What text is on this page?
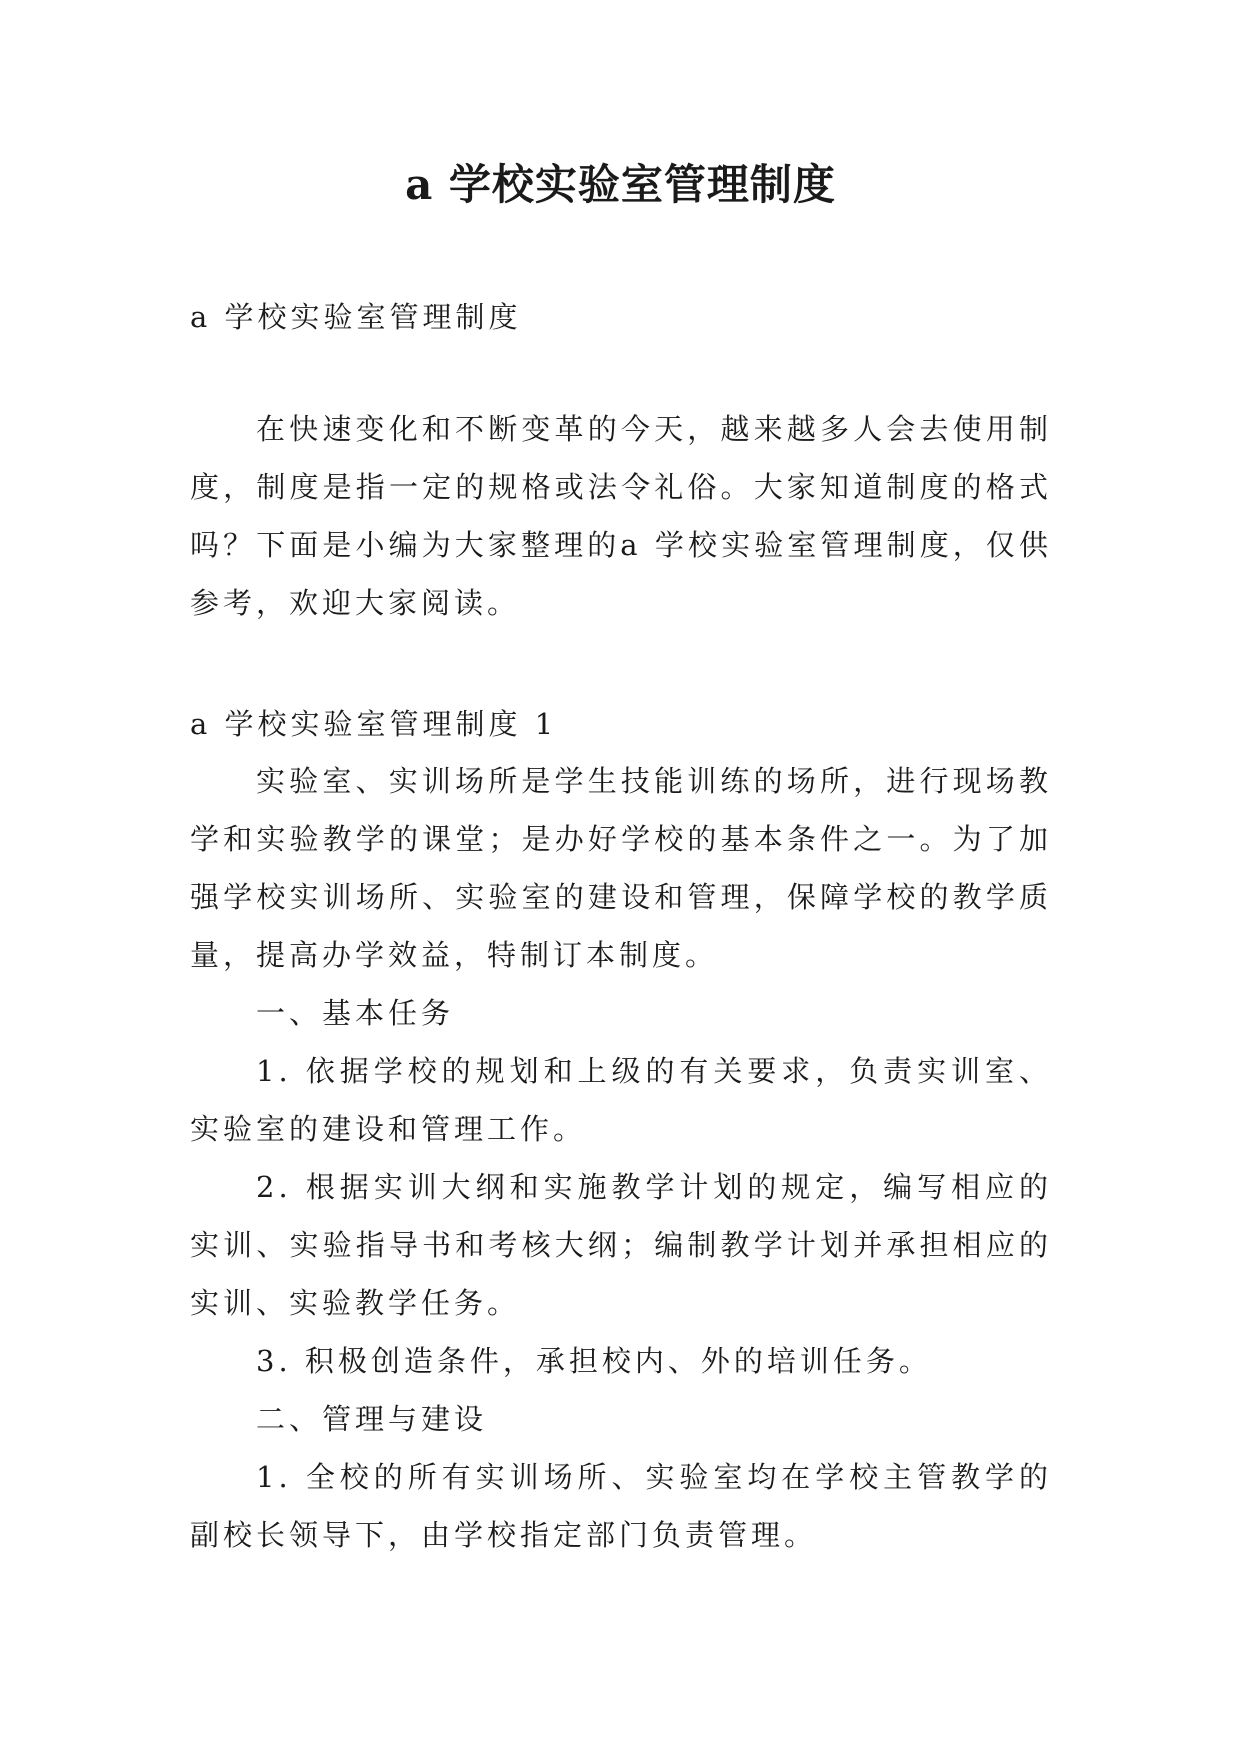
a 学校实验室管理制度

a 学校实验室管理制度

在快速变化和不断变革的今天，越来越多人会去使用制度，制度是指一定的规格或法令礼俗。大家知道制度的格式吗？下面是小编为大家整理的a 学校实验室管理制度，仅供参考，欢迎大家阅读。

a 学校实验室管理制度 1

实验室、实训场所是学生技能训练的场所，进行现场教学和实验教学的课堂；是办好学校的基本条件之一。为了加强学校实训场所、实验室的建设和管理，保障学校的教学质量，提高办学效益，特制订本制度。

一、基本任务

1. 依据学校的规划和上级的有关要求，负责实训室、实验室的建设和管理工作。

2. 根据实训大纲和实施教学计划的规定，编写相应的实训、实验指导书和考核大纲；编制教学计划并承担相应的实训、实验教学任务。

3. 积极创造条件，承担校内、外的培训任务。

二、管理与建设

1. 全校的所有实训场所、实验室均在学校主管教学的副校长领导下，由学校指定部门负责管理。
